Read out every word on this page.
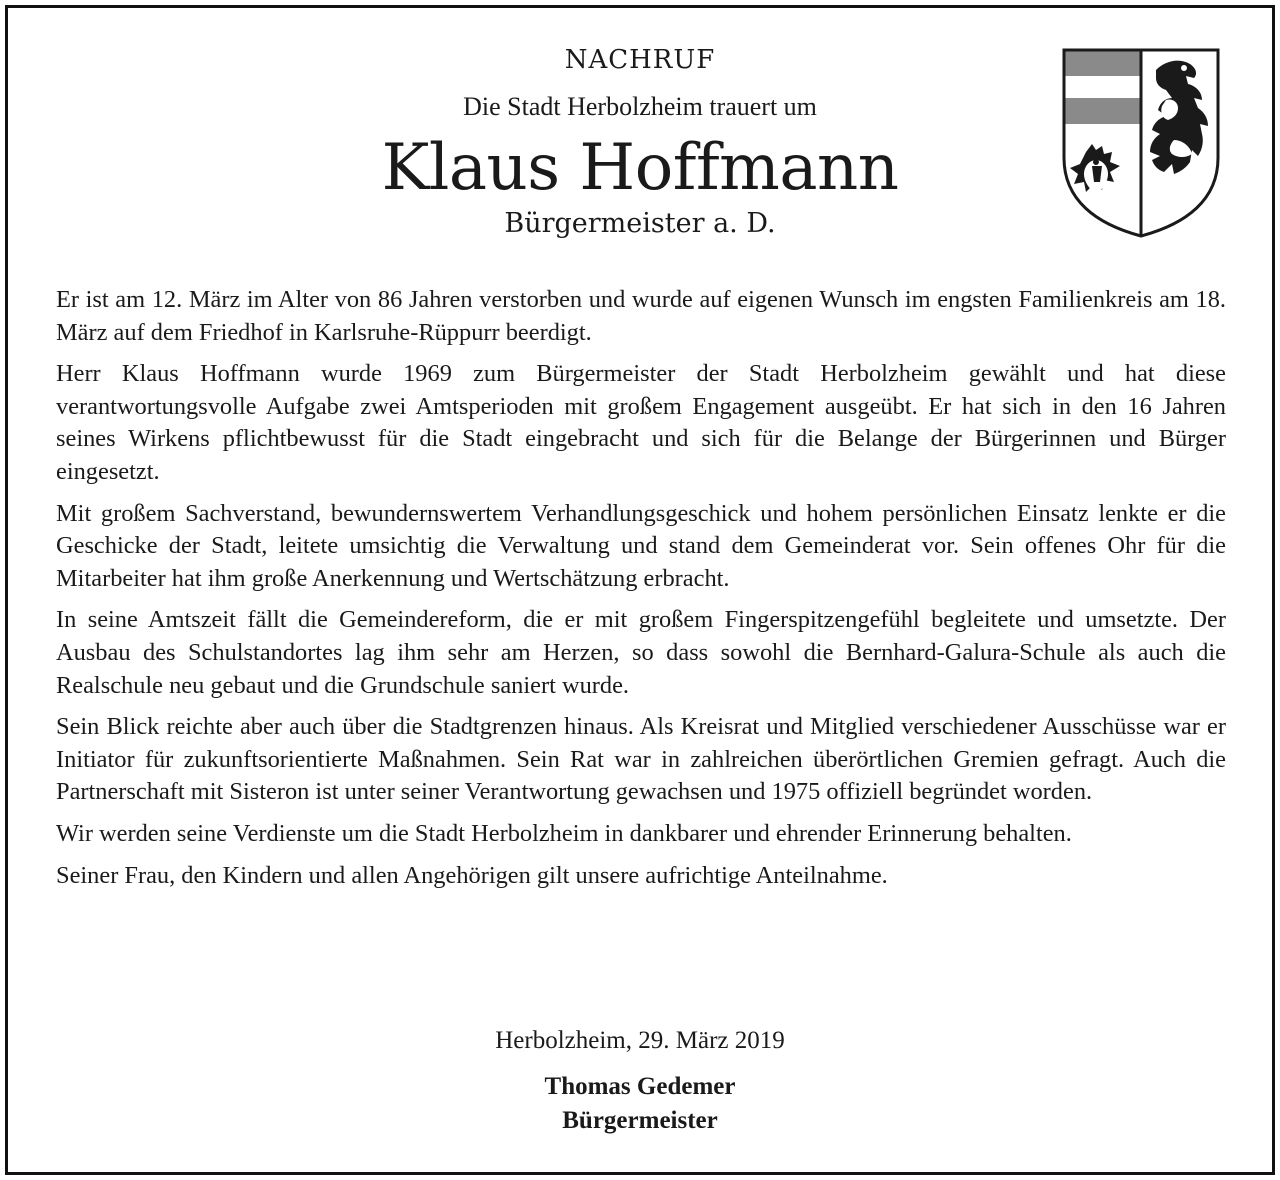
NACHRUF

Die Stadt Herbolzheim trauert um

Klaus Hoffmann

Bürgermeister a. D.

Er ist am 12. März im Alter von 86 Jahren verstorben und wurde auf eigenen Wunsch im engsten Familienkreis am 18. März auf dem Friedhof in Karlsruhe-Rüppurr beerdigt.

Herr Klaus Hoffmann wurde 1969 zum Bürgermeister der Stadt Herbolzheim gewählt und hat diese verantwortungsvolle Aufgabe zwei Amtsperioden mit großem Engagement ausgeübt. Er hat sich in den 16 Jahren seines Wirkens pflichtbewusst für die Stadt eingebracht und sich für die Belange der Bürgerinnen und Bürger eingesetzt.

Mit großem Sachverstand, bewundernswertem Verhandlungsgeschick und hohem persönlichen Einsatz lenkte er die Geschicke der Stadt, leitete umsichtig die Verwaltung und stand dem Gemeinderat vor. Sein offenes Ohr für die Mitarbeiter hat ihm große Anerkennung und Wertschätzung erbracht.

In seine Amtszeit fällt die Gemeindereform, die er mit großem Fingerspitzengefühl begleitete und umsetzte. Der Ausbau des Schulstandortes lag ihm sehr am Herzen, so dass sowohl die Bernhard-Galura-Schule als auch die Realschule neu gebaut und die Grundschule saniert wurde.

Sein Blick reichte aber auch über die Stadtgrenzen hinaus. Als Kreisrat und Mitglied verschiedener Ausschüsse war er Initiator für zukunftsorientierte Maßnahmen. Sein Rat war in zahlreichen überörtlichen Gremien gefragt. Auch die Partnerschaft mit Sisteron ist unter seiner Verantwortung gewachsen und 1975 offiziell begründet worden.

Wir werden seine Verdienste um die Stadt Herbolzheim in dankbarer und ehrender Erinnerung behalten.

Seiner Frau, den Kindern und allen Angehörigen gilt unsere aufrichtige Anteilnahme.

Herbolzheim, 29. März 2019

Thomas Gedemer

Bürgermeister
